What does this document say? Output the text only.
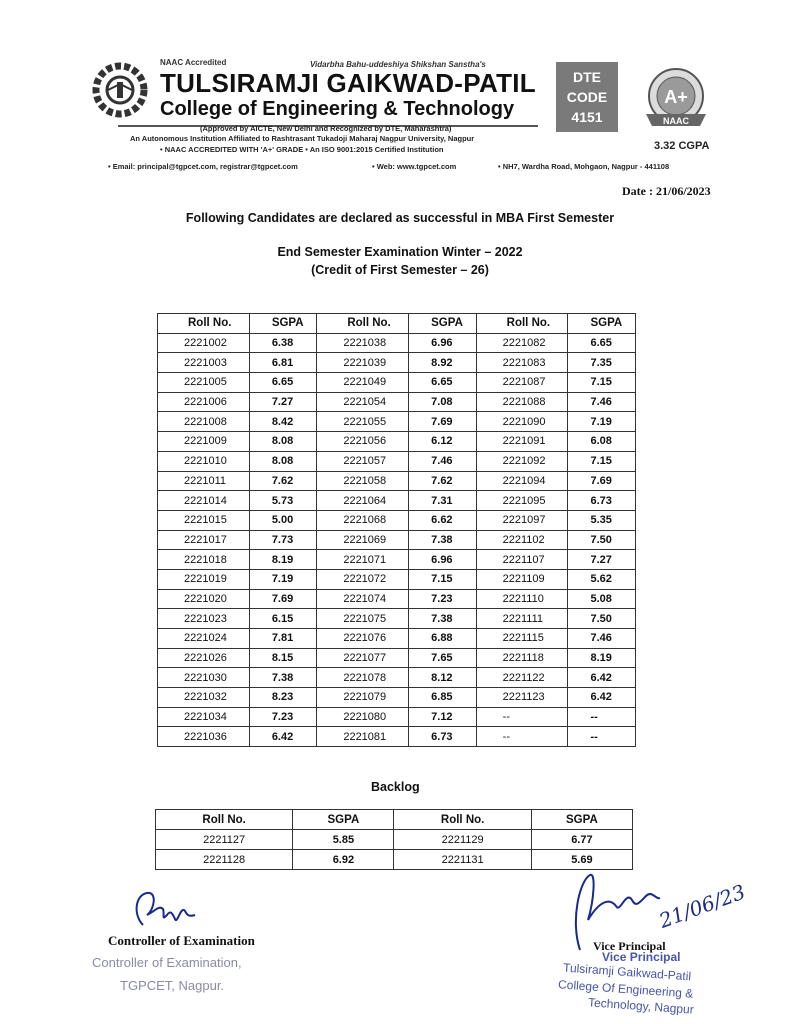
NAAC Accredited	Vidarbha Bahu-uddeshiya Shikshan Sanstha's
TULSIRAMJI GAIKWAD-PATIL
College of Engineering & Technology
(Approved by AICTE, New Delhi and Recognized by DTE, Maharashtra)
An Autonomous Institution Affiliated to Rashtrasant Tukadoji Maharaj Nagpur University, Nagpur
• NAAC ACCREDITED WITH 'A+' GRADE • An ISO 9001:2015 Certified Institution
• Email: principal@tgpcet.com, registrar@tgpcet.com	• Web: www.tgpcet.com	• NH7, Wardha Road, Mohgaon, Nagpur - 441108
DTE
CODE
4151
A+
NAAC
3.32 CGPA
Date : 21/06/2023
Following Candidates are declared as successful in MBA First Semester
End Semester Examination Winter – 2022
(Credit of First Semester – 26)
Roll No.	SGPA	Roll No.	SGPA	Roll No.	SGPA
2221002	6.38	2221038	6.96	2221082	6.65
2221003	6.81	2221039	8.92	2221083	7.35
2221005	6.65	2221049	6.65	2221087	7.15
2221006	7.27	2221054	7.08	2221088	7.46
2221008	8.42	2221055	7.69	2221090	7.19
2221009	8.08	2221056	6.12	2221091	6.08
2221010	8.08	2221057	7.46	2221092	7.15
2221011	7.62	2221058	7.62	2221094	7.69
2221014	5.73	2221064	7.31	2221095	6.73
2221015	5.00	2221068	6.62	2221097	5.35
2221017	7.73	2221069	7.38	2221102	7.50
2221018	8.19	2221071	6.96	2221107	7.27
2221019	7.19	2221072	7.15	2221109	5.62
2221020	7.69	2221074	7.23	2221110	5.08
2221023	6.15	2221075	7.38	2221111	7.50
2221024	7.81	2221076	6.88	2221115	7.46
2221026	8.15	2221077	7.65	2221118	8.19
2221030	7.38	2221078	8.12	2221122	6.42
2221032	8.23	2221079	6.85	2221123	6.42
2221034	7.23	2221080	7.12	--	--
2221036	6.42	2221081	6.73	--	--
Backlog
Roll No.	SGPA	Roll No.	SGPA
2221127	5.85	2221129	6.77
2221128	6.92	2221131	5.69
Controller of Examination
Controller of Examination,
TGPCET, Nagpur.
21/06/23
Vice Principal
Vice Principal
Tulsiramji Gaikwad-Patil
College Of Engineering &
Technology, Nagpur
